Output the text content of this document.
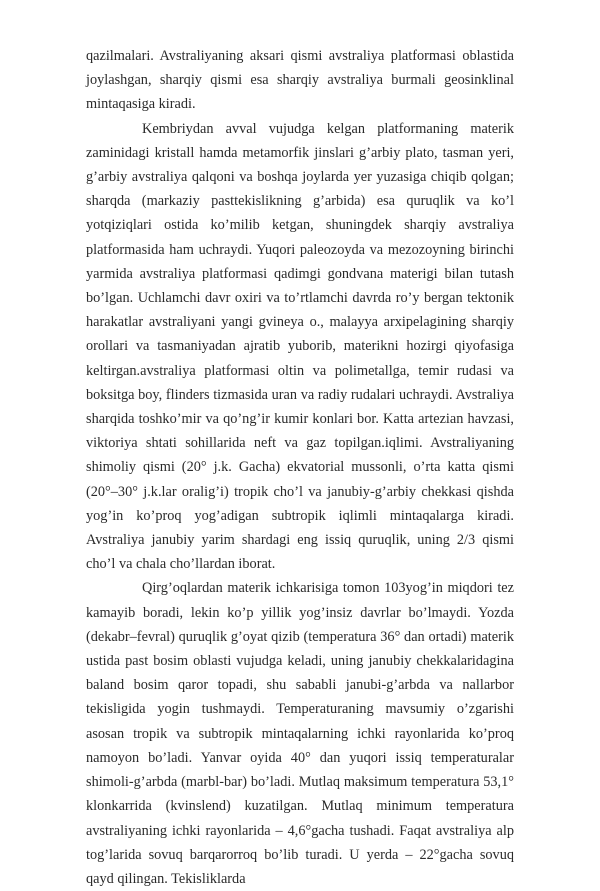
qazilmalari. Avstraliyaning aksari qismi avstraliya platformasi oblastida joylashgan, sharqiy qismi esa sharqiy avstraliya burmali geosinklinal mintaqasiga kiradi.

Kembriydan avval vujudga kelgan platformaning materik zaminidagi kristall hamda metamorfik jinslari g’arbiy plato, tasman yeri, g’arbiy avstraliya qalqoni va boshqa joylarda yer yuzasiga chiqib qolgan; sharqda (markaziy pasttekislikning g’arbida) esa quruqlik va ko’l yotqiziqlari ostida ko’milib ketgan, shuningdek sharqiy avstraliya platformasida ham uchraydi. Yuqori paleozoyda va mezozoyning birinchi yarmida avstraliya platformasi qadimgi gondvana materigi bilan tutash bo’lgan. Uchlamchi davr oxiri va to’rtlamchi davrda ro’y bergan tektonik harakatlar avstraliyani yangi gvineya o., malayya arxipelagining sharqiy orollari va tasmaniyadan ajratib yuborib, materikni hozirgi qiyofasiga keltirgan.avstraliya platformasi oltin va polimetallga, temir rudasi va boksitga boy, flinders tizmasida uran va radiy rudalari uchraydi. Avstraliya sharqida toshko’mir va qo’ng’ir kumir konlari bor. Katta artezian havzasi, viktoriya shtati sohillarida neft va gaz topilgan.iqlimi. Avstraliyaning shimoliy qismi (20° j.k. Gacha) ekvatorial mussonli, o’rta katta qismi (20°–30° j.k.lar oralig’i) tropik cho’l va janubiy-g’arbiy chekkasi qishda yog’in ko’proq yog’adigan subtropik iqlimli mintaqalarga kiradi. Avstraliya janubiy yarim shardagi eng issiq quruqlik, uning 2/3 qismi cho’l va chala cho’llardan iborat.

Qirg’oqlardan materik ichkarisiga tomon 103yog’in miqdori tez kamayib boradi, lekin ko’p yillik yog’insiz davrlar bo’lmaydi. Yozda (dekabr–fevral) quruqlik g’oyat qizib (temperatura 36° dan ortadi) materik ustida past bosim oblasti vujudga keladi, uning janubiy chekkalaridagina baland bosim qaror topadi, shu sababli janubi-g’arbda va nallarbor tekisligida yogin tushmaydi. Temperaturaning mavsumiy o’zgarishi asosan tropik va subtropik mintaqalarning ichki rayonlarida ko’proq namoyon bo’ladi. Yanvar oyida 40° dan yuqori issiq temperaturalar shimoli-g’arbda (marbl-bar) bo’ladi. Mutlaq maksimum temperatura 53,1° klonkarrida (kvinslend) kuzatilgan. Mutlaq minimum temperatura avstraliyaning ichki rayonlarida – 4,6°gacha tushadi. Faqat avstraliya alp tog’larida sovuq barqarorroq bo’lib turadi. U yerda – 22°gacha sovuq qayd qilingan. Tekisliklarda
